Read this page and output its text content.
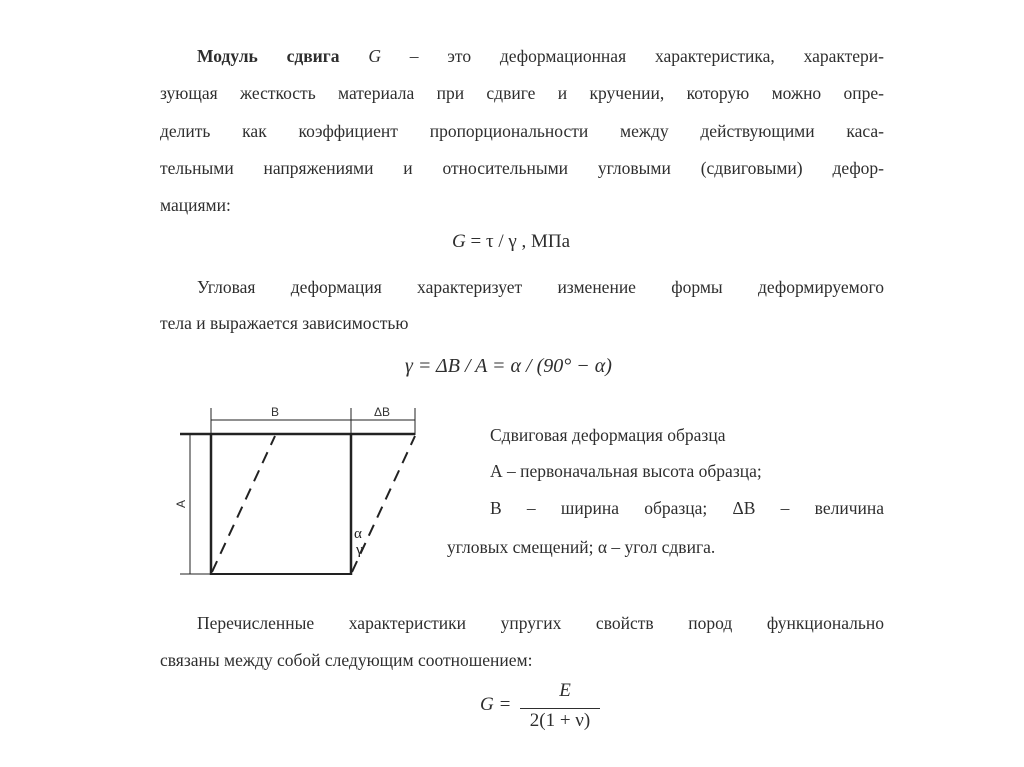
Модуль сдвига G – это деформационная характеристика, характери-
зующая жесткость материала при сдвиге и кручении, которую можно опре-
делить как коэффициент пропорциональности между действующими каса-
тельными напряжениями и относительными угловыми (сдвиговыми) дефор-
мациями:
G = τ / γ , МПа
Угловая деформация характеризует изменение формы деформируемого
тела и выражается зависимостью
γ = ΔB / A = α / (90° − α)
B	ΔB
A
α
γ
Сдвиговая деформация образца
А – первоначальная высота образца;
В – ширина образца; ΔВ – величина
угловых смещений; α – угол сдвига.
Перечисленные характеристики упругих свойств пород функционально
связаны между собой следующим соотношением:
G =
E
2(1 + ν)
